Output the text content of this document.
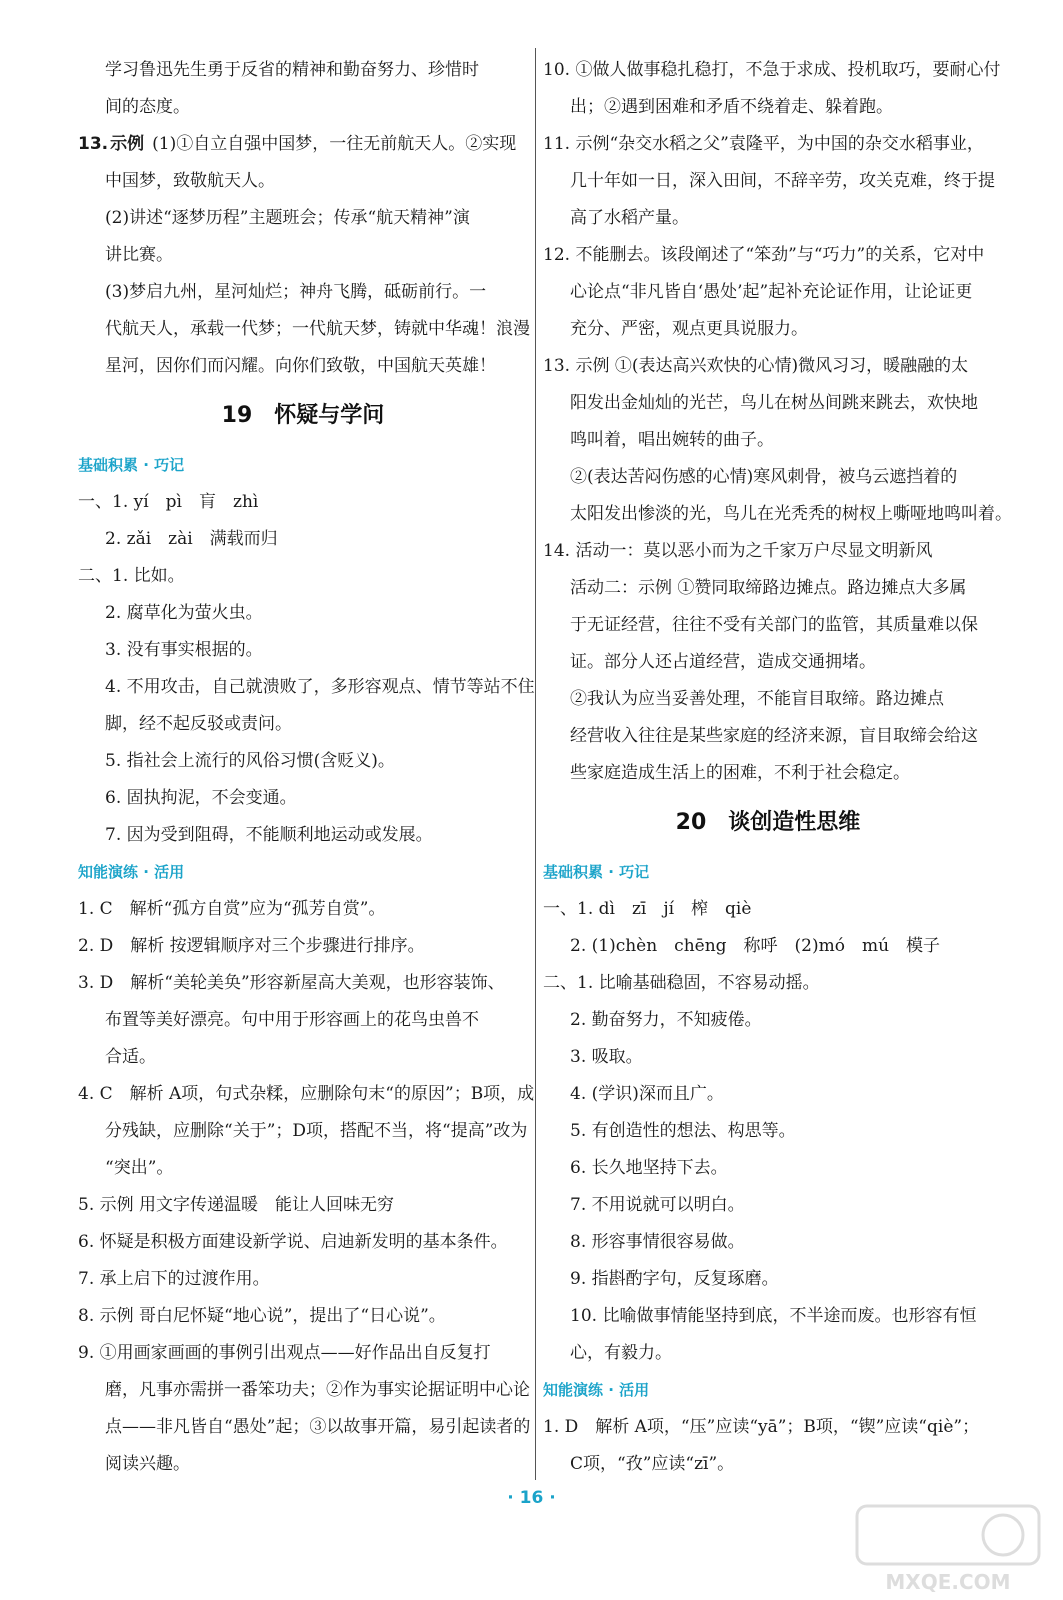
学习鲁迅先生勇于反省的精神和勤奋努力、珍惜时
间的态度。
13. 示例 (1)①自立自强中国梦，一往无前航天人。②实现
中国梦，致敬航天人。
(2)讲述“逐梦历程”主题班会；传承“航天精神”演
讲比赛。
(3)梦启九州，星河灿烂；神舟飞腾，砥砺前行。一
代航天人，承载一代梦；一代航天梦，铸就中华魂！浪漫
星河，因你们而闪耀。向你们致敬，中国航天英雄！
19 怀疑与学问
基础积累 · 巧记
一、1. yí　pì　肓　zhì
2. zǎi　zài　满载而归
二、1. 比如。
2. 腐草化为萤火虫。
3. 没有事实根据的。
4. 不用攻击，自己就溃败了，多形容观点、情节等站不住
脚，经不起反驳或责问。
5. 指社会上流行的风俗习惯(含贬义)。
6. 固执拘泥，不会变通。
7. 因为受到阻碍，不能顺利地运动或发展。
知能演练 · 活用
1. C　解析“孤方自赏”应为“孤芳自赏”。
2. D　解析 按逻辑顺序对三个步骤进行排序。
3. D　解析“美轮美奂”形容新屋高大美观，也形容装饰、
布置等美好漂亮。句中用于形容画上的花鸟虫兽不
合适。
4. C　解析 A项，句式杂糅，应删除句末“的原因”；B项，成
分残缺，应删除“关于”；D项，搭配不当，将“提高”改为
“突出”。
5. 示例 用文字传递温暖　能让人回味无穷
6. 怀疑是积极方面建设新学说、启迪新发明的基本条件。
7. 承上启下的过渡作用。
8. 示例 哥白尼怀疑“地心说”，提出了“日心说”。
9. ①用画家画画的事例引出观点——好作品出自反复打
磨，凡事亦需拼一番笨功夫；②作为事实论据证明中心论
点——非凡皆自“愚处”起；③以故事开篇，易引起读者的
阅读兴趣。
10. ①做人做事稳扎稳打，不急于求成、投机取巧，要耐心付
出；②遇到困难和矛盾不绕着走、躲着跑。
11. 示例“杂交水稻之父”袁隆平，为中国的杂交水稻事业，
几十年如一日，深入田间，不辞辛劳，攻关克难，终于提
高了水稻产量。
12. 不能删去。该段阐述了“笨劲”与“巧力”的关系，它对中
心论点“非凡皆自‘愚处’起”起补充论证作用，让论证更
充分、严密，观点更具说服力。
13. 示例 ①(表达高兴欢快的心情)微风习习，暖融融的太
阳发出金灿灿的光芒，鸟儿在树丛间跳来跳去，欢快地
鸣叫着，唱出婉转的曲子。
②(表达苦闷伤感的心情)寒风刺骨，被乌云遮挡着的
太阳发出惨淡的光，鸟儿在光秃秃的树杈上嘶哑地鸣叫着。
14. 活动一：莫以恶小而为之千家万户尽显文明新风
活动二：示例 ①赞同取缔路边摊点。路边摊点大多属
于无证经营，往往不受有关部门的监管，其质量难以保
证。部分人还占道经营，造成交通拥堵。
②我认为应当妥善处理，不能盲目取缔。路边摊点
经营收入往往是某些家庭的经济来源，盲目取缔会给这
些家庭造成生活上的困难，不利于社会稳定。
20 谈创造性思维
基础积累 · 巧记
一、1. dì　zī　jí　榨　qiè
2. (1)chèn　chēng　称呼　(2)mó　mú　模子
二、1. 比喻基础稳固，不容易动摇。
2. 勤奋努力，不知疲倦。
3. 吸取。
4. (学识)深而且广。
5. 有创造性的想法、构思等。
6. 长久地坚持下去。
7. 不用说就可以明白。
8. 形容事情很容易做。
9. 指斟酌字句，反复琢磨。
10. 比喻做事情能坚持到底，不半途而废。也形容有恒
心，有毅力。
知能演练 · 活用
1. D　解析 A项，“压”应读“yā”；B项，“锲”应读“qiè”；
C项，“孜”应读“zī”。
· 16 ·
MXQE.COM
